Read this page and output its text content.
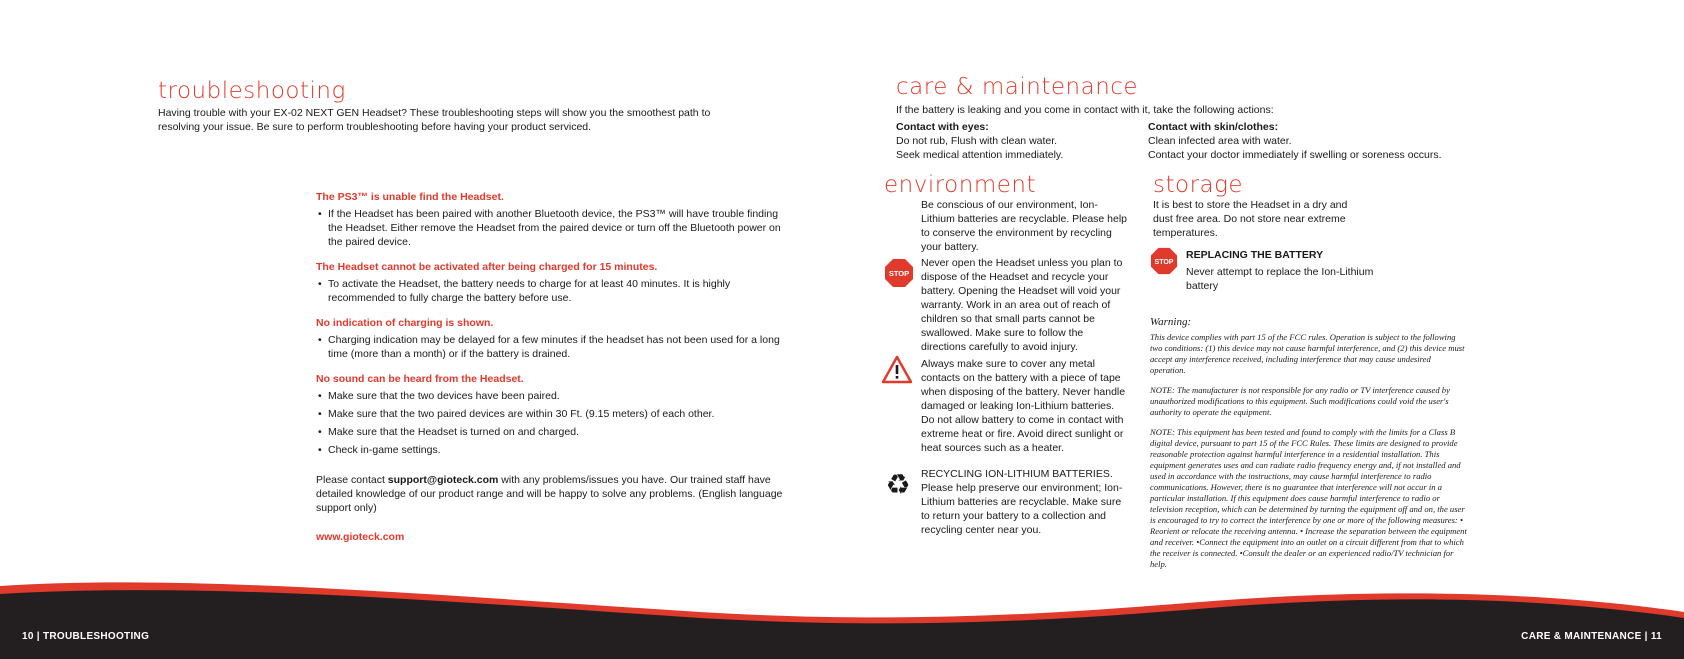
troubleshooting
Having trouble with your EX-02 NEXT GEN Headset? These troubleshooting steps will show you the smoothest path to
resolving your issue. Be sure to perform troubleshooting before having your product serviced.
The PS3™ is unable find the Headset.
• If the Headset has been paired with another Bluetooth device, the PS3™ will have trouble finding the Headset. Either remove the Headset from the paired device or turn off the Bluetooth power on the paired device.
The Headset cannot be activated after being charged for 15 minutes.
• To activate the Headset, the battery needs to charge for at least 40 minutes. It is highly recommended to fully charge the battery before use.
No indication of charging is shown.
• Charging indication may be delayed for a few minutes if the headset has not been used for a long time (more than a month) or if the battery is drained.
No sound can be heard from the Headset.
• Make sure that the two devices have been paired.
• Make sure that the two paired devices are within 30 Ft. (9.15 meters) of each other.
• Make sure that the Headset is turned on and charged.
• Check in-game settings.
Please contact support@gioteck.com with any problems/issues you have. Our trained staff have detailed knowledge of our product range and will be happy to solve any problems. (English language support only)
www.gioteck.com
care & maintenance
If the battery is leaking and you come in contact with it, take the following actions:
Contact with eyes:
Do not rub, Flush with clean water.
Seek medical attention immediately.
Contact with skin/clothes:
Clean infected area with water.
Contact your doctor immediately if swelling or soreness occurs.
environment
Be conscious of our environment, Ion-Lithium batteries are recyclable. Please help to conserve the environment by recycling your battery.
STOP
Never open the Headset unless you plan to dispose of the Headset and recycle your battery. Opening the Headset will void your warranty. Work in an area out of reach of children so that small parts cannot be swallowed. Make sure to follow the directions carefully to avoid injury.
Always make sure to cover any metal contacts on the battery with a piece of tape when disposing of the battery. Never handle damaged or leaking Ion-Lithium batteries. Do not allow battery to come in contact with extreme heat or fire. Avoid direct sunlight or heat sources such as a heater.
♻ RECYCLING ION-LITHIUM BATTERIES.
Please help preserve our environment; Ion-Lithium batteries are recyclable. Make sure to return your battery to a collection and recycling center near you.
storage
It is best to store the Headset in a dry and dust free area. Do not store near extreme temperatures.
STOP
REPLACING THE BATTERY
Never attempt to replace the Ion-Lithium battery
Warning:
This device complies with part 15 of the FCC rules. Operation is subject to the following two conditions: (1) this device may not cause harmful interference, and (2) this device must accept any interference received, including interference that may cause undesired operation.
NOTE: The manufacturer is not responsible for any radio or TV interference caused by unauthorized modifications to this equipment. Such modifications could void the user's authority to operate the equipment.
NOTE: This equipment has been tested and found to comply with the limits for a Class B digital device, pursuant to part 15 of the FCC Rules. These limits are designed to provide reasonable protection against harmful interference in a residential installation. This equipment generates uses and can radiate radio frequency energy and, if not installed and used in accordance with the instructions, may cause harmful interference to radio communications. However, there is no guarantee that interference will not occur in a particular installation. If this equipment does cause harmful interference to radio or television reception, which can be determined by turning the equipment off and on, the user is encouraged to try to correct the interference by one or more of the following measures: • Reorient or relocate the receiving antenna. • Increase the separation between the equipment and receiver. •Connect the equipment into an outlet on a circuit different from that to which the receiver is connected. •Consult the dealer or an experienced radio/TV technician for help.
10 | TROUBLESHOOTING	CARE & MAINTENANCE | 11
